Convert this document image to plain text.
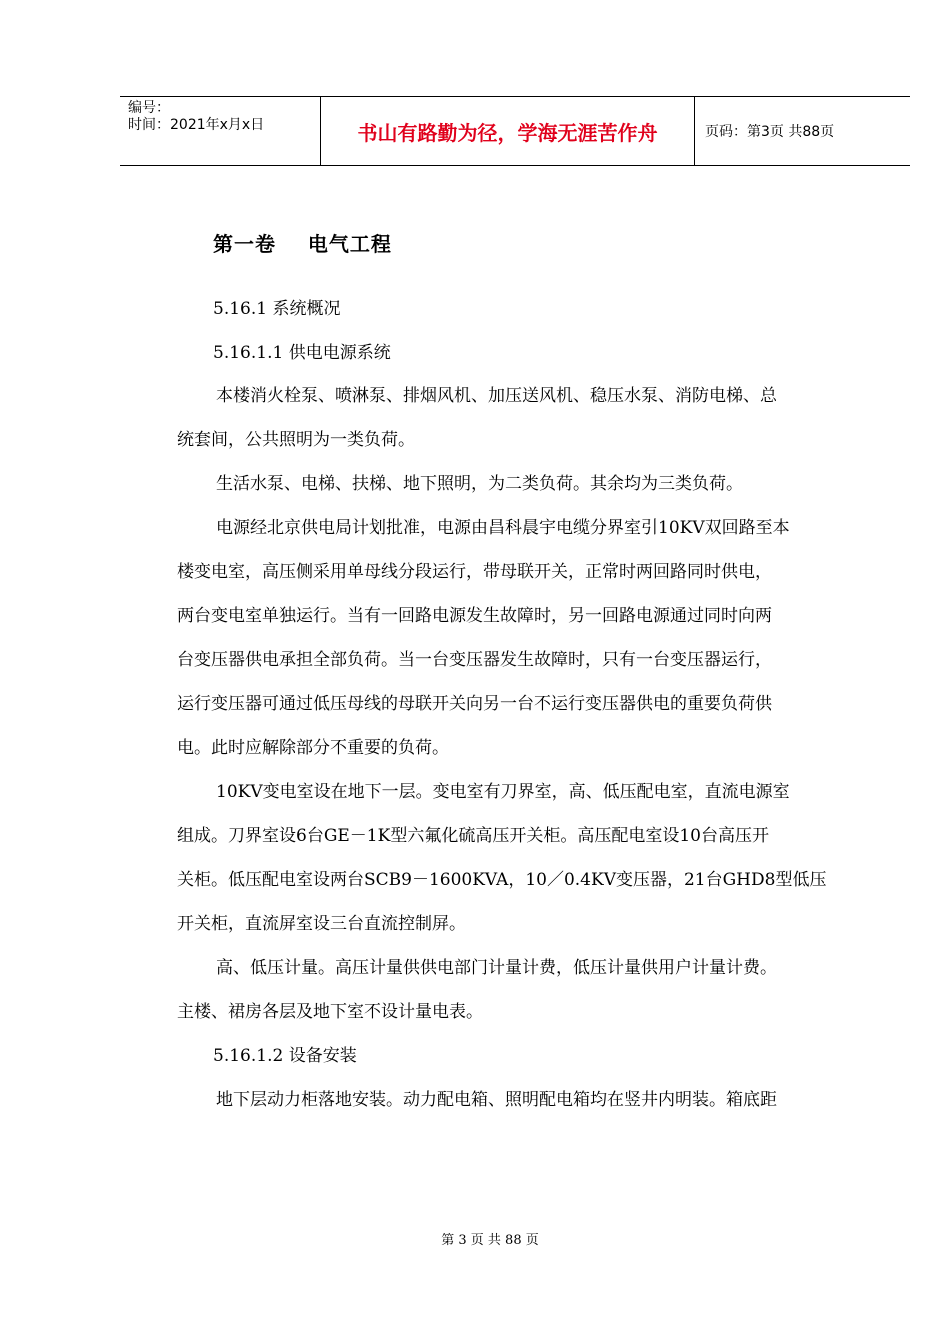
编号：
时间：2021年x月x日	书山有路勤为径，学海无涯苦作舟	页码：第3页 共88页
第一卷    电气工程
5.16.1 系统概况
5.16.1.1 供电电源系统
本楼消火栓泵、喷淋泵、排烟风机、加压送风机、稳压水泵、消防电梯、总
统套间，公共照明为一类负荷。
生活水泵、电梯、扶梯、地下照明，为二类负荷。其余均为三类负荷。
电源经北京供电局计划批准，电源由昌科晨宇电缆分界室引10KV双回路至本
楼变电室，高压侧采用单母线分段运行，带母联开关，正常时两回路同时供电，
两台变电室单独运行。当有一回路电源发生故障时，另一回路电源通过同时向两
台变压器供电承担全部负荷。当一台变压器发生故障时，只有一台变压器运行，
运行变压器可通过低压母线的母联开关向另一台不运行变压器供电的重要负荷供
电。此时应解除部分不重要的负荷。
10KV变电室设在地下一层。变电室有刀界室，高、低压配电室，直流电源室
组成。刀界室设6台GE－1K型六氟化硫高压开关柜。高压配电室设10台高压开
关柜。低压配电室设两台SCB9－1600KVA，10／0.4KV变压器，21台GHD8型低压
开关柜，直流屏室设三台直流控制屏。
高、低压计量。高压计量供供电部门计量计费，低压计量供用户计量计费。
主楼、裙房各层及地下室不设计量电表。
5.16.1.2 设备安装
地下层动力柜落地安装。动力配电箱、照明配电箱均在竖井内明装。箱底距
第 3 页 共 88 页
